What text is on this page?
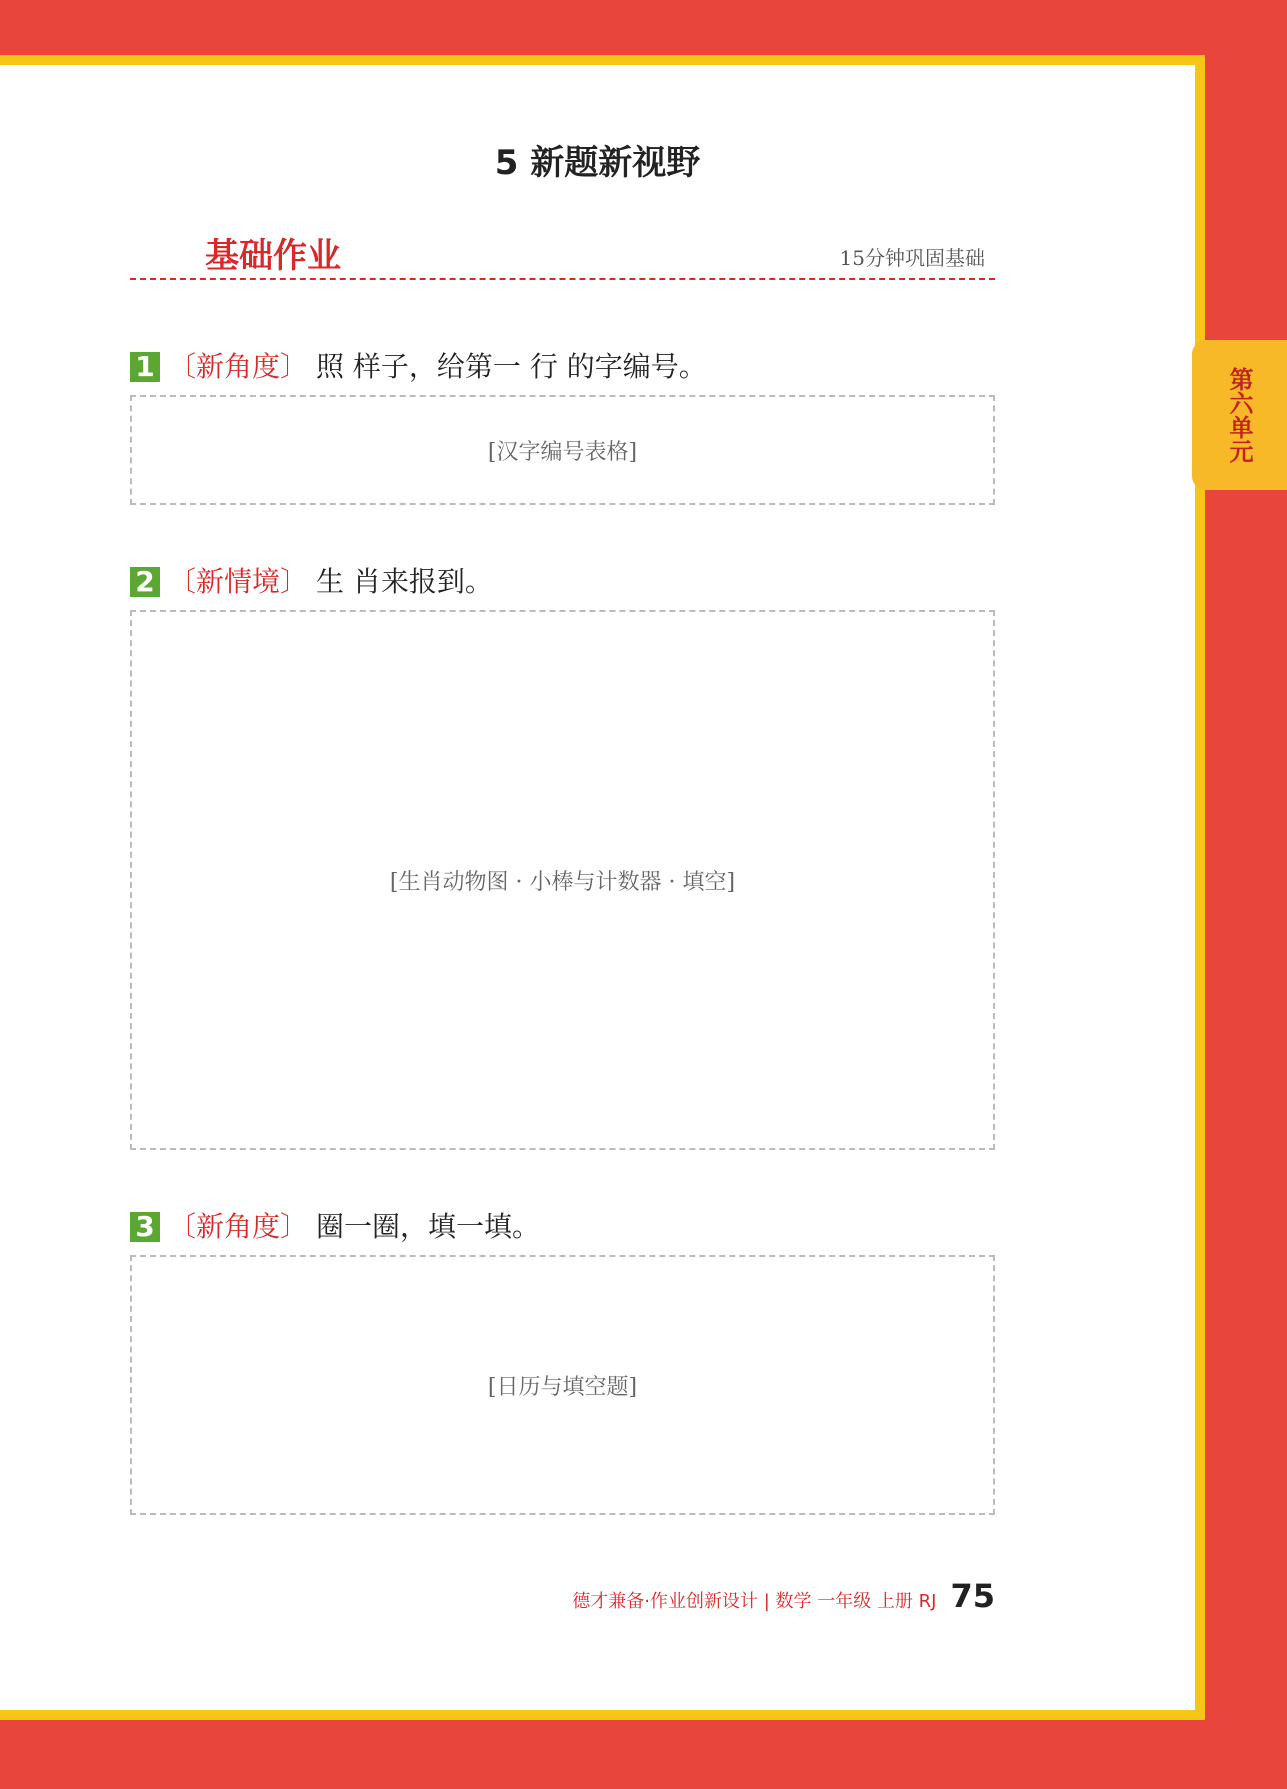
5 新题新视野
基础作业	15分钟巩固基础
1 〔新角度〕 照 样子，给第一 行 的字编号。
[汉字编号表格]
2 〔新情境〕 生 肖来报到。
[生肖动物图 · 小棒与计数器 · 填空]
3 〔新角度〕 圈一圈，填一填。
[日历与填空题]
德才兼备·作业创新设计 | 数学 一年级 上册 RJ 75
第六单元
